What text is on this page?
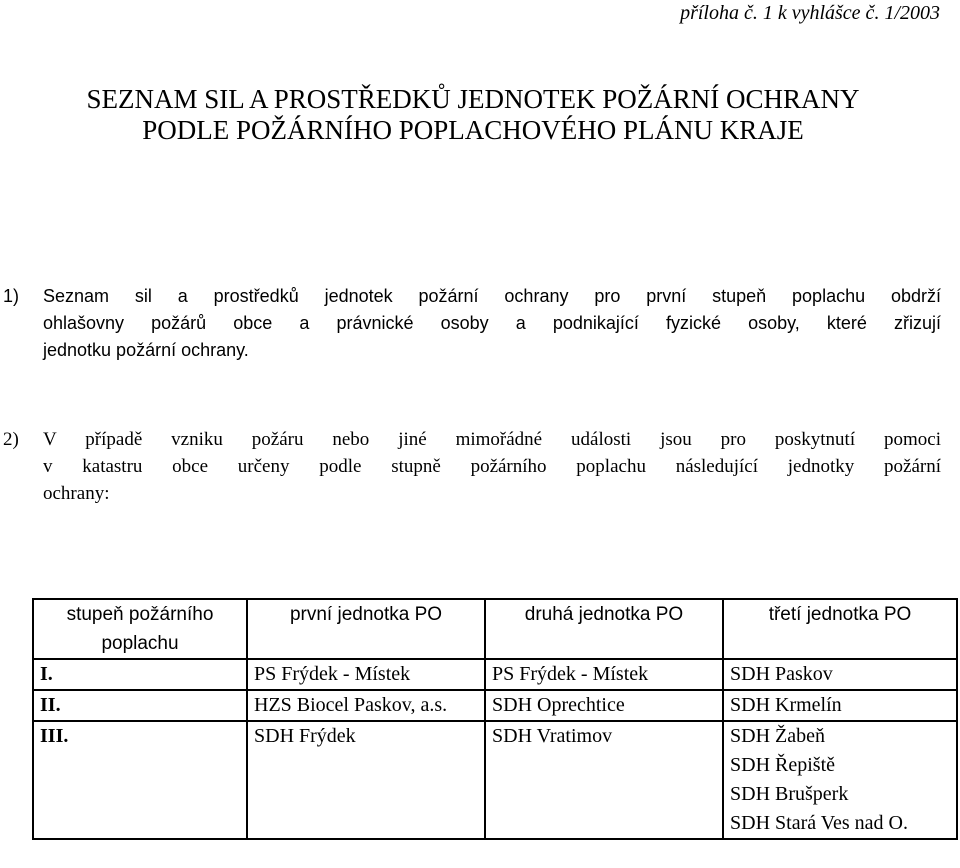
příloha č. 1 k vyhlášce č. 1/2003
SEZNAM SIL A PROSTŘEDKŮ JEDNOTEK POŽÁRNÍ OCHRANY
PODLE POŽÁRNÍHO POPLACHOVÉHO PLÁNU KRAJE
1) Seznam sil a prostředků jednotek požární ochrany pro první stupeň poplachu obdrží
ohlašovny požárů obce a právnické osoby a podnikající fyzické osoby, které zřizují
jednotku požární ochrany.
2) V případě vzniku požáru nebo jiné mimořádné události jsou pro poskytnutí pomoci
v katastru obce určeny podle stupně požárního poplachu následující jednotky požární
ochrany:
stupeň požárního poplachu	první jednotka PO	druhá jednotka PO	třetí jednotka PO
I.	PS Frýdek - Místek	PS Frýdek - Místek	SDH Paskov

II.	HZS Biocel Paskov, a.s.	SDH Oprechtice	SDH Krmelín

III.	SDH Frýdek	SDH Vratimov	SDH Žabeň
SDH Řepiště
SDH Brušperk
SDH Stará Ves nad O.
